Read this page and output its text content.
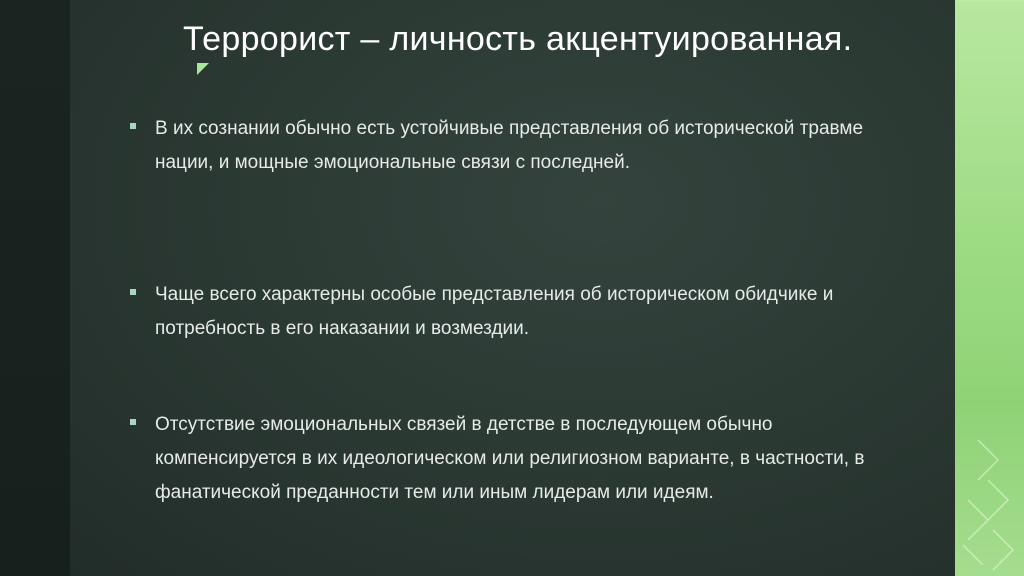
Террорист – личность акцентуированная.
В их сознании обычно есть устойчивые представления об исторической травме нации, и мощные эмоциональные связи с последней.
Чаще всего характерны особые представления об историческом обидчике и потребность в его наказании и возмездии.
Отсутствие эмоциональных связей в детстве в последующем обычно компенсируется в их идеологическом или религиозном варианте, в частности, в фанатической преданности тем или иным лидерам или идеям.
